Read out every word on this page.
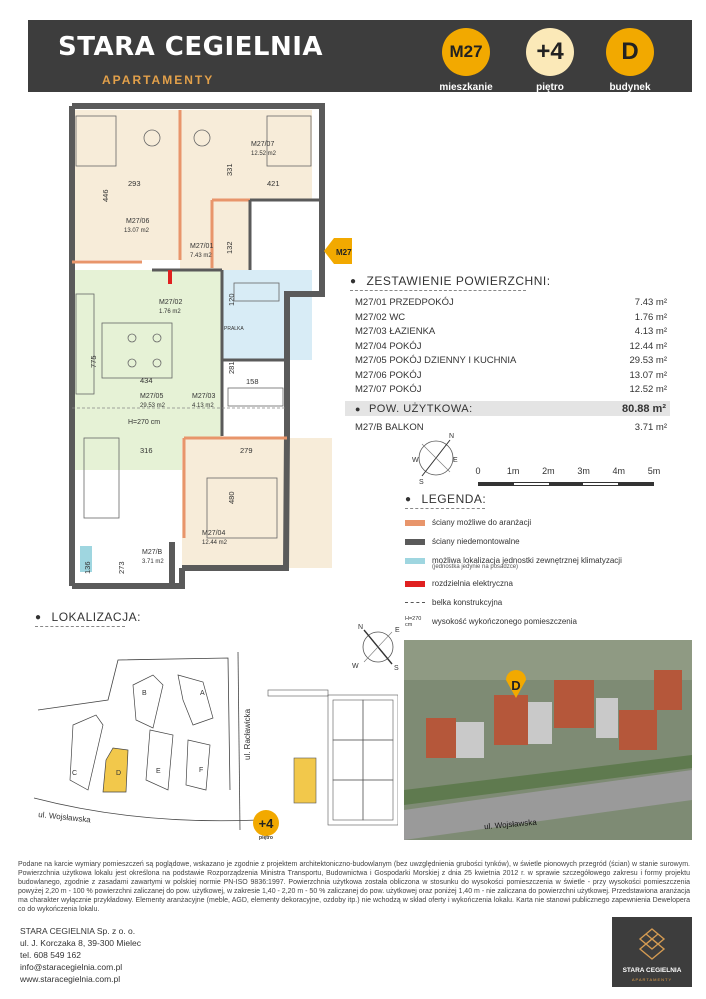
STARA CEGIELNIA
APARTAMENTY
M27
mieszkanie
+4
piętro
D
budynek
M27/06
13.07 m2
M27/07
12.52 m2
M27/01
7.43 m2
M27/02
1.76 m2
M27/03
4.13 m2
M27/05
29.53 m2
M27/04
12.44 m2
M27/B
3.71 m2
H=270 cm
PRALKA
293
446
331
421
132
120
281
158
775
434
316	279
480
273
136
M27
● ZESTAWIENIE POWIERZCHNI:
M27/01 PRZEDPOKÓJ	7.43 m²
M27/02 WC	1.76 m²
M27/03 ŁAZIENKA	4.13 m²
M27/04 POKÓJ	12.44 m²
M27/05 POKÓJ DZIENNY I KUCHNIA	29.53 m²
M27/06 POKÓJ	13.07 m²
M27/07 POKÓJ	12.52 m²
● POW. UŻYTKOWA:	80.88 m²
M27/B BALKON	3.71 m²
N
E
W
S
0	1m	2m	3m	4m	5m
● LEGENDA:
ściany możliwe do aranżacji
ściany niedemontowalne
możliwa lokalizacja jednostki zewnętrznej klimatyzacji
(jednostka jedynie na posadzce)
rozdzielnia elektryczna
belka konstrukcyjna
H=270 cm	wysokość wykończonego pomieszczenia
● LOKALIZACJA:
N	E
W	S
B	A
C	D	E	F
ul. Wojsławska
ul. Racławicka
+4
piętro
D
ul. Wojsławska
Podane na karcie wymiary pomieszczeń są poglądowe, wskazano je zgodnie z projektem architektoniczno-budowlanym (bez uwzględnienia grubości tynków), w świetle pionowych przegród (ścian) w stanie surowym. Powierzchnia użytkowa lokalu jest określona na podstawie Rozporządzenia Ministra Transportu, Budownictwa i Gospodarki Morskiej z dnia 25 kwietnia 2012 r. w sprawie szczegółowego zakresu i formy projektu budowlanego, zgodnie z zasadami zawartymi w polskiej normie PN-ISO 9836:1997. Powierzchnia użytkowa została obliczona w stosunku do wysokości pomieszczenia w świetle - przy wysokości pomieszczenia powyżej 2,20 m - 100 % powierzchni zaliczanej do pow. użytkowej, w zakresie 1,40 - 2,20 m - 50 % zaliczanej do pow. użytkowej oraz poniżej 1,40 m - nie zaliczana do powierzchni użytkowej. Przedstawiona aranżacja ma charakter wyłącznie przykładowy. Elementy aranżacyjne (meble, AGD, elementy dekoracyjne, ozdoby itp.) nie wchodzą w skład oferty i wykończenia lokalu. Karta nie stanowi publicznego zapewnienia Dewelopera co do wykończenia lokalu.
STARA CEGIELNIA Sp. z o. o.
ul. J. Korczaka 8, 39-300 Mielec
tel. 608 549 162
info@staracegielnia.com.pl
www.staracegielnia.com.pl
STARA CEGIELNIA
APARTAMENTY
